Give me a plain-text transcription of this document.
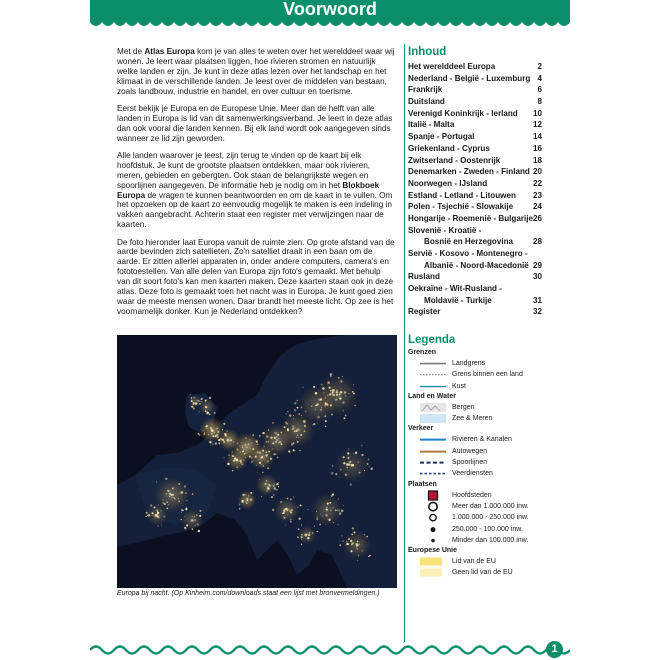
Voorwoord

Met de Atlas Europa kom je van alles te weten over het werelddeel waar wij wonen. Je leert waar plaatsen liggen, hoe rivieren stromen en natuurlijk welke landen er zijn. Je kunt in deze atlas lezen over het landschap en het klimaat in de verschillende landen. Je leest over de middelen van bestaan, zoals landbouw, industrie en handel, en over cultuur en toerisme.

Eerst bekijk je Europa en de Europese Unie. Meer dan de helft van alle landen in Europa is lid van dit samenwerkingsverband. Je leert in deze atlas dan ook vooral die landen kennen. Bij elk land wordt ook aangegeven sinds wanneer ze lid zijn geworden.

Alle landen waarover je leest, zijn terug te vinden op de kaart bij elk hoofdstuk. Je kunt de grootste plaatsen ontdekken, maar ook rivieren, meren, gebieden en gebergten. Ook staan de belangrijkste wegen en spoorlijnen aangegeven. De informatie heb je nodig om in het Blokboek Europa de vragen te kunnen beantwoorden en om de kaart in te vullen. Om het opzoeken op de kaart zo eenvoudig mogelijk te maken is een indeling in vakken aangebracht. Achterin staat een register met verwijzingen naar de kaarten.

De foto hieronder laat Europa vanuit de ruimte zien. Op grote afstand van de aarde bevinden zich satellieten. Zo'n satelliet draait in een baan om de aarde. Er zitten allerlei apparaten in, onder andere computers, camera's en fototoestellen. Van alle delen van Europa zijn foto's gemaakt. Met behulp van dit soort foto's kan men kaarten maken. Deze kaarten staan ook in deze atlas. Deze foto is gemaakt toen het nacht was in Europa. Je kunt goed zien waar de meeste mensen wonen. Daar brandt het meeste licht. Op zee is het voornamelijk donker. Kun je Nederland ontdekken?

Europa bij nacht. (Op Kinheim.com/downloads staat een lijst met bronvermeldingen.)
Inhoud
Het werelddeel Europa	2
Nederland - België - Luxemburg 4
Frankrijk	6
Duitsland	8
Verenigd Koninkrijk - Ierland 10
Italië - Malta	12
Spanje - Portugal	14
Griekenland - Cyprus	16
Zwitserland - Oostenrijk	18
Denemarken - Zweden - Finland 20
Noorwegen - IJsland	22
Estland - Letland - Litouwen 23
Polen - Tsjechië - Slowakije 24
Hongarije - Roemenië - Bulgarije 26
Slovenië - Kroatië -
Bosnië en Herzegovina 28
Servië - Kosovo - Montenegro -
Albanië - Noord-Macedonië 29
Rusland	30
Oekraïne - Wit-Rusland -
Moldavië - Turkije	31
Register	32
Legenda
Grenzen
Landgrens
Grens binnen een land
Kust
Land en Water
Bergen
Zee & Meren
Verkeer
Rivieren & Kanalen
Autowegen
Spoorlijnen
Veerdiensten
Plaatsen
Hoofdsteden
Meer dan 1.000.000 inw.
1.000.000 - 250.000 inw.
250.000 - 100.000 inw.
Minder dan 100.000 inw.
Europese Unie
Lid van de EU
Geen lid van de EU
1
